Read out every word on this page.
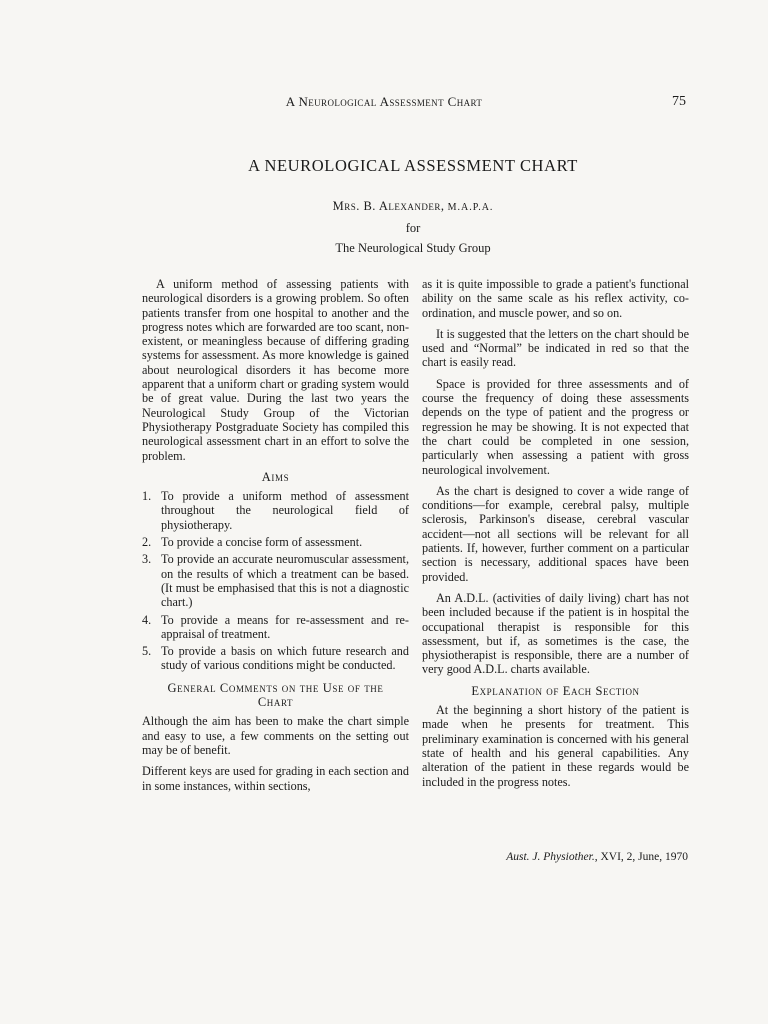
A Neurological Assessment Chart	75
A NEUROLOGICAL ASSESSMENT CHART
Mrs. B. Alexander, M.A.P.A.
for
The Neurological Study Group

A uniform method of assessing patients with neurological disorders is a growing problem. So often patients transfer from one hospital to another and the progress notes which are forwarded are too scant, non-existent, or meaningless because of differing grading systems for assessment. As more knowledge is gained about neurological disorders it has become more apparent that a uniform chart or grading system would be of great value. During the last two years the Neurological Study Group of the Victorian Physiotherapy Postgraduate Society has compiled this neurological assessment chart in an effort to solve the problem.

Aims
1. To provide a uniform method of assessment throughout the neurological field of physiotherapy.
2. To provide a concise form of assessment.
3. To provide an accurate neuromuscular assessment, on the results of which a treatment can be based. (It must be emphasised that this is not a diagnostic chart.)
4. To provide a means for re-assessment and re-appraisal of treatment.
5. To provide a basis on which future research and study of various conditions might be conducted.
General Comments on the Use of the
Chart

Although the aim has been to make the chart simple and easy to use, a few comments on the setting out may be of benefit.

Different keys are used for grading in each section and in some instances, within sections,

as it is quite impossible to grade a patient's functional ability on the same scale as his reflex activity, co-ordination, and muscle power, and so on.

It is suggested that the letters on the chart should be used and “Normal” be indicated in red so that the chart is easily read.

Space is provided for three assessments and of course the frequency of doing these assessments depends on the type of patient and the progress or regression he may be showing. It is not expected that the chart could be completed in one session, particularly when assessing a patient with gross neurological involvement.

As the chart is designed to cover a wide range of conditions—for example, cerebral palsy, multiple sclerosis, Parkinson's disease, cerebral vascular accident—not all sections will be relevant for all patients. If, however, further comment on a particular section is necessary, additional spaces have been provided.

An A.D.L. (activities of daily living) chart has not been included because if the patient is in hospital the occupational therapist is responsible for this assessment, but if, as sometimes is the case, the physiotherapist is responsible, there are a number of very good A.D.L. charts available.

Explanation of Each Section

At the beginning a short history of the patient is made when he presents for treatment. This preliminary examination is concerned with his general state of health and his general capabilities. Any alteration of the patient in these regards would be included in the progress notes.

Aust. J. Physiother., XVI, 2, June, 1970
